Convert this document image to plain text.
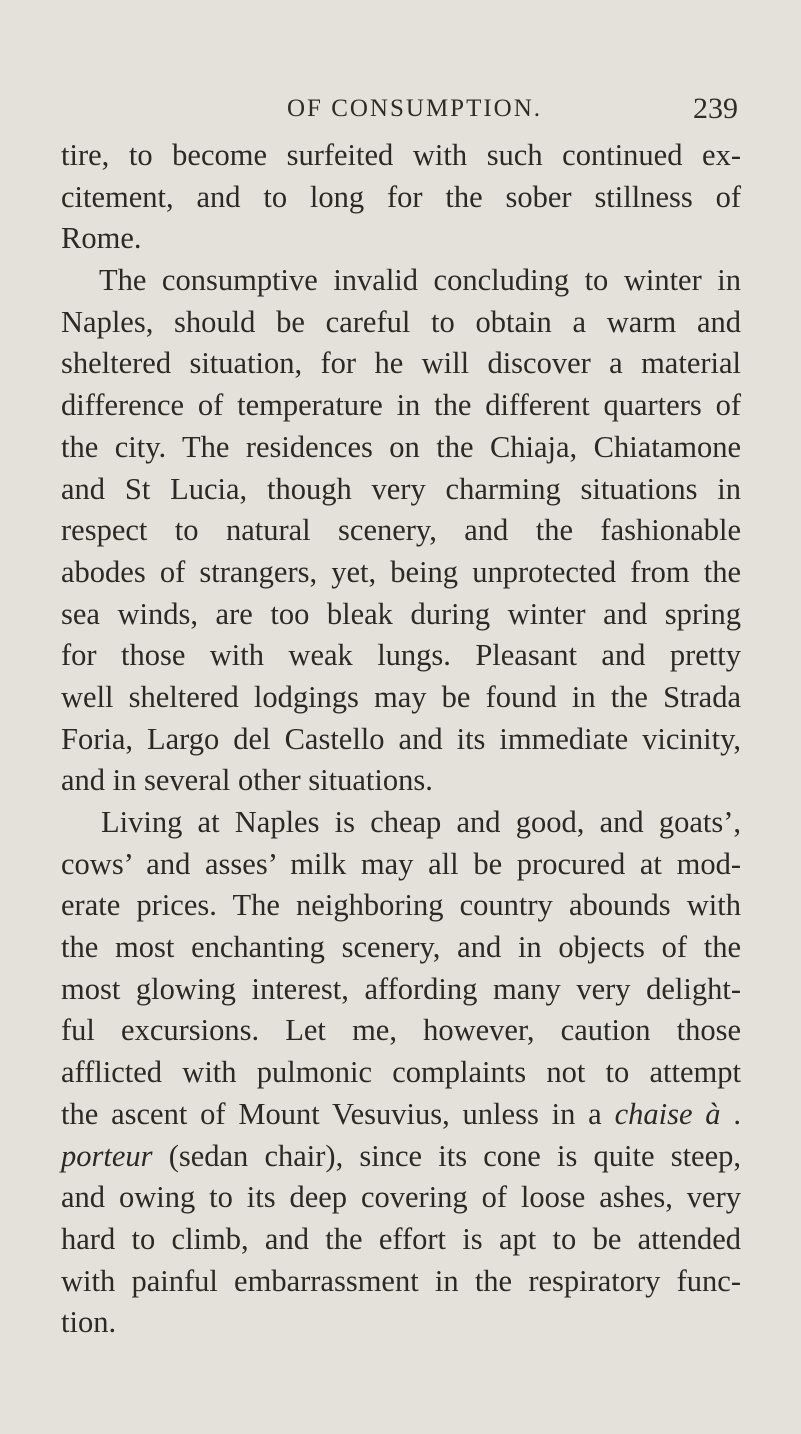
OF CONSUMPTION.	239
tire, to become surfeited with such continued ex-
citement, and to long for the sober stillness of
Rome.
The consumptive invalid concluding to winter in
Naples, should be careful to obtain a warm and
sheltered situation, for he will discover a material
difference of temperature in the different quarters of
the city. The residences on the Chiaja, Chiatamone
and St Lucia, though very charming situations in
respect to natural scenery, and the fashionable
abodes of strangers, yet, being unprotected from the
sea winds, are too bleak during winter and spring
for those with weak lungs. Pleasant and pretty
well sheltered lodgings may be found in the Strada
Foria, Largo del Castello and its immediate vicinity,
and in several other situations.
Living at Naples is cheap and good, and goats’,
cows’ and asses’ milk may all be procured at mod-
erate prices. The neighboring country abounds with
the most enchanting scenery, and in objects of the
most glowing interest, affording many very delight-
ful excursions. Let me, however, caution those
afflicted with pulmonic complaints not to attempt
the ascent of Mount Vesuvius, unless in a chaise à .
porteur (sedan chair), since its cone is quite steep,
and owing to its deep covering of loose ashes, very
hard to climb, and the effort is apt to be attended
with painful embarrassment in the respiratory func-
tion.
